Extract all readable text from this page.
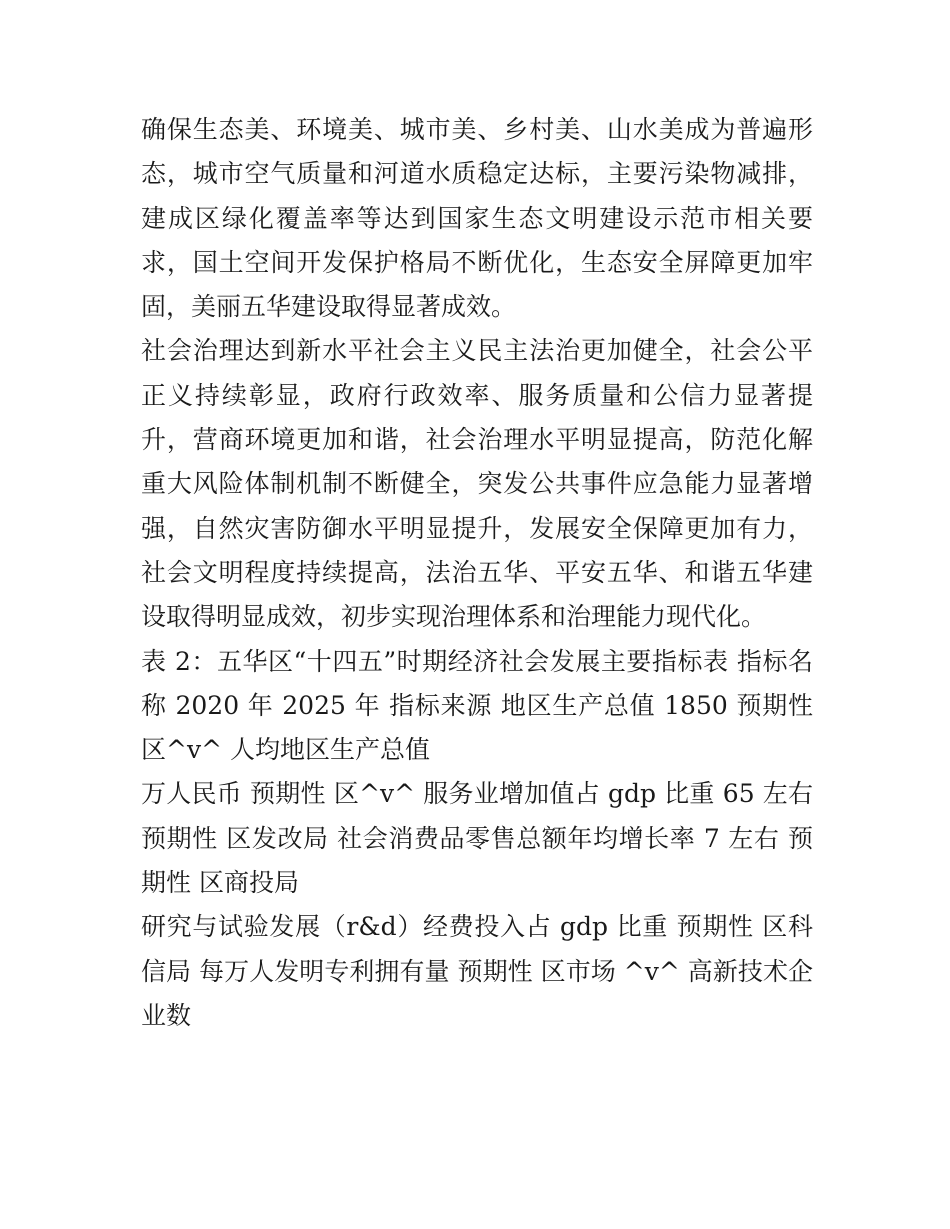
确保生态美、环境美、城市美、乡村美、山水美成为普遍形态，城市空气质量和河道水质稳定达标，主要污染物减排，建成区绿化覆盖率等达到国家生态文明建设示范市相关要求，国土空间开发保护格局不断优化，生态安全屏障更加牢固，美丽五华建设取得显著成效。

社会治理达到新水平社会主义民主法治更加健全，社会公平正义持续彰显，政府行政效率、服务质量和公信力显著提升，营商环境更加和谐，社会治理水平明显提高，防范化解重大风险体制机制不断健全，突发公共事件应急能力显著增强，自然灾害防御水平明显提升，发展安全保障更加有力，社会文明程度持续提高，法治五华、平安五华、和谐五华建设取得明显成效，初步实现治理体系和治理能力现代化。

表 2：五华区“十四五”时期经济社会发展主要指标表 指标名称 2020 年 2025 年 指标来源 地区生产总值 1850 预期性 区^v^ 人均地区生产总值

万人民币 预期性 区^v^ 服务业增加值占 gdp 比重 65 左右 预期性 区发改局 社会消费品零售总额年均增长率 7 左右 预期性 区商投局

研究与试验发展（r&d）经费投入占 gdp 比重 预期性 区科信局 每万人发明专利拥有量 预期性 区市场 ^v^ 高新技术企业数
